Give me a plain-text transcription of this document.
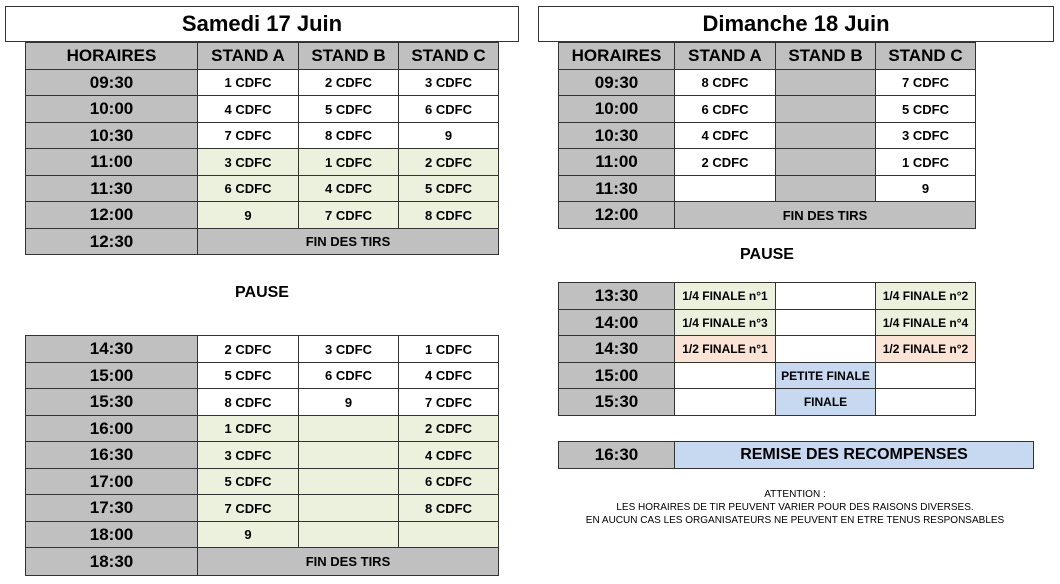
Samedi 17 Juin
HORAIRES	STAND A	STAND B	STAND C
09:30	1 CDFC	2 CDFC	3 CDFC
10:00	4 CDFC	5 CDFC	6 CDFC
10:30	7 CDFC	8 CDFC	9
11:00	3 CDFC	1 CDFC	2 CDFC
11:30	6 CDFC	4 CDFC	5 CDFC
12:00	9	7 CDFC	8 CDFC
12:30	FIN DES TIRS		
PAUSE
14:30	2 CDFC	3 CDFC	1 CDFC
15:00	5 CDFC	6 CDFC	4 CDFC
15:30	8 CDFC	9	7 CDFC
16:00	1 CDFC		2 CDFC
16:30	3 CDFC		4 CDFC
17:00	5 CDFC		6 CDFC
17:30	7 CDFC		8 CDFC
18:00	9		
18:30	FIN DES TIRS		
Dimanche 18 Juin
HORAIRES	STAND A	STAND B	STAND C
09:30	8 CDFC		7 CDFC
10:00	6 CDFC		5 CDFC
10:30	4 CDFC		3 CDFC
11:00	2 CDFC		1 CDFC
11:30			9
12:00	FIN DES TIRS		
PAUSE
13:30	1/4 FINALE n°1		1/4 FINALE n°2
14:00	1/4 FINALE n°3		1/4 FINALE n°4
14:30	1/2 FINALE n°1		1/2 FINALE n°2
15:00		PETITE FINALE	
15:30		FINALE	
16:30	REMISE DES RECOMPENSES
ATTENTION :
LES HORAIRES DE TIR PEUVENT VARIER POUR DES RAISONS DIVERSES.
EN AUCUN CAS LES ORGANISATEURS NE PEUVENT EN ETRE TENUS RESPONSABLES
